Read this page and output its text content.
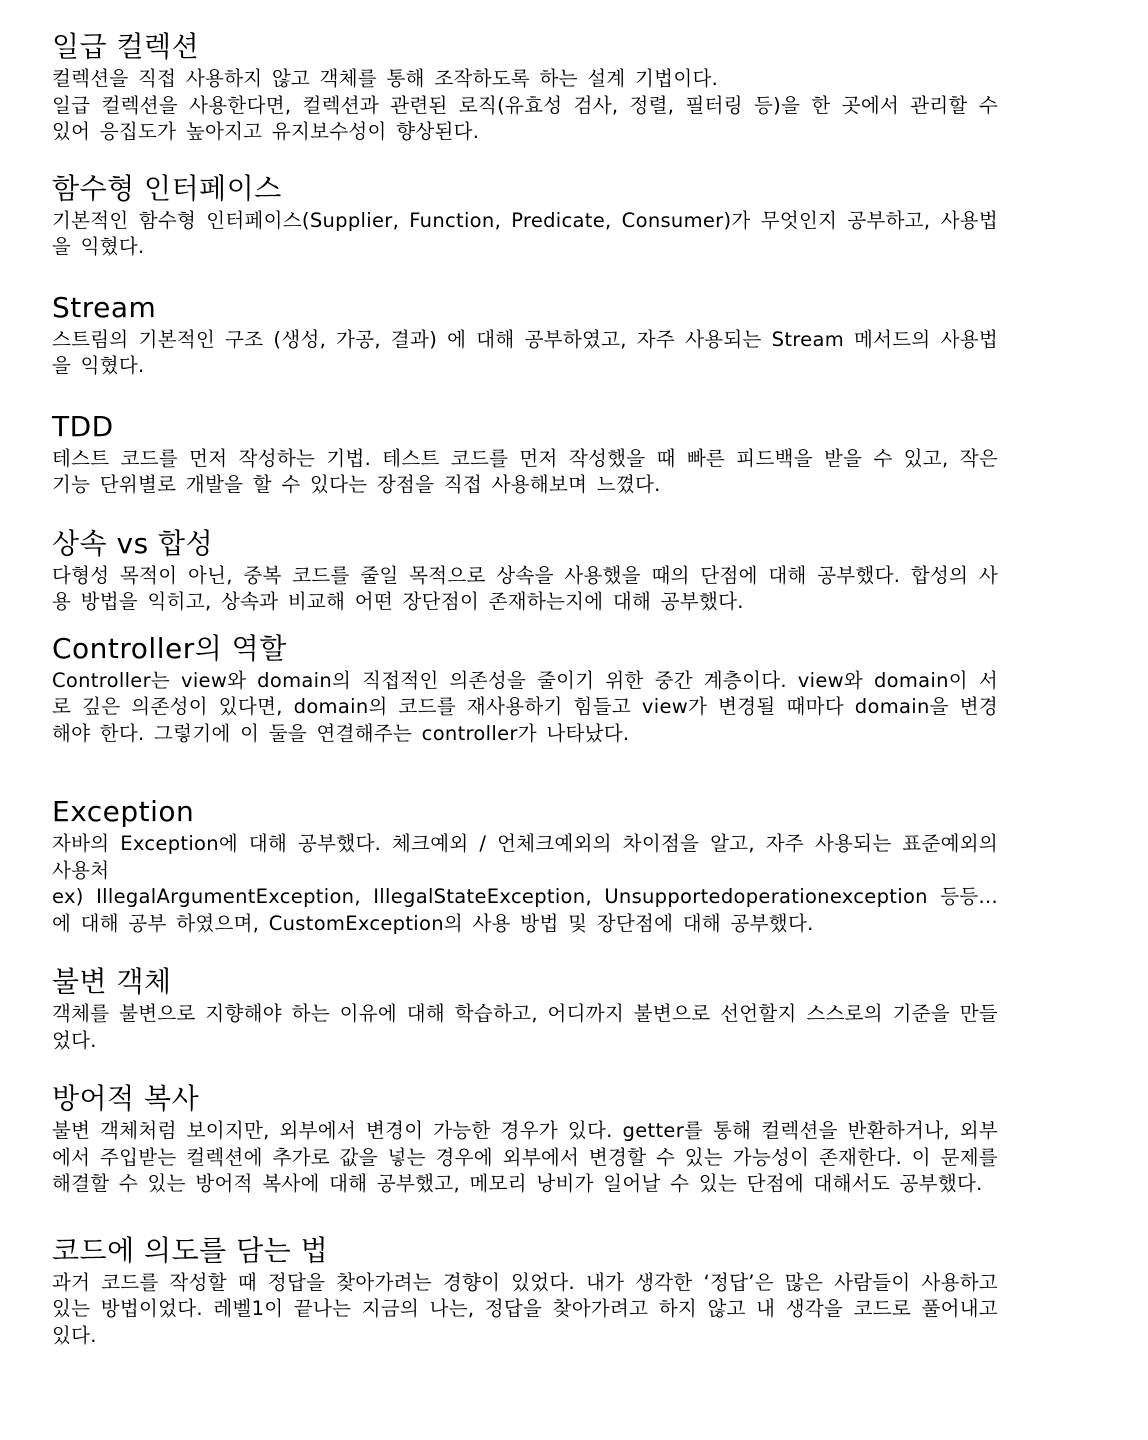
일급 컬렉션

컬렉션을 직접 사용하지 않고 객체를 통해 조작하도록 하는 설계 기법이다.
일급 컬렉션을 사용한다면, 컬렉션과 관련된 로직(유효성 검사, 정렬, 필터링 등)을 한 곳에서 관리할 수 있어 응집도가 높아지고 유지보수성이 향상된다.

함수형 인터페이스

기본적인 함수형 인터페이스(Supplier, Function, Predicate, Consumer)가 무엇인지 공부하고, 사용법을 익혔다.

Stream

스트림의 기본적인 구조 (생성, 가공, 결과) 에 대해 공부하였고, 자주 사용되는 Stream 메서드의 사용법을 익혔다.

TDD

테스트 코드를 먼저 작성하는 기법. 테스트 코드를 먼저 작성했을 때 빠른 피드백을 받을 수 있고, 작은 기능 단위별로 개발을 할 수 있다는 장점을 직접 사용해보며 느꼈다.

상속 vs 합성

다형성 목적이 아닌, 중복 코드를 줄일 목적으로 상속을 사용했을 때의 단점에 대해 공부했다. 합성의 사용 방법을 익히고, 상속과 비교해 어떤 장단점이 존재하는지에 대해 공부했다.

Controller의 역할

Controller는 view와 domain의 직접적인 의존성을 줄이기 위한 중간 계층이다. view와 domain이 서로 깊은 의존성이 있다면, domain의 코드를 재사용하기 힘들고 view가 변경될 때마다 domain을 변경해야 한다. 그렇기에 이 둘을 연결해주는 controller가 나타났다.

Exception

자바의 Exception에 대해 공부했다. 체크예외 / 언체크예외의 차이점을 알고, 자주 사용되는 표준예외의 사용처
ex) IllegalArgumentException, IllegalStateException, Unsupportedoperationexception 등등... 에 대해 공부 하였으며, CustomException의 사용 방법 및 장단점에 대해 공부했다.

불변 객체

객체를 불변으로 지향해야 하는 이유에 대해 학습하고, 어디까지 불변으로 선언할지 스스로의 기준을 만들었다.

방어적 복사

불변 객체처럼 보이지만, 외부에서 변경이 가능한 경우가 있다. getter를 통해 컬렉션을 반환하거나, 외부에서 주입받는 컬렉션에 추가로 값을 넣는 경우에 외부에서 변경할 수 있는 가능성이 존재한다. 이 문제를 해결할 수 있는 방어적 복사에 대해 공부했고, 메모리 낭비가 일어날 수 있는 단점에 대해서도 공부했다.

코드에 의도를 담는 법

과거 코드를 작성할 때 정답을 찾아가려는 경향이 있었다. 내가 생각한 ‘정답’은 많은 사람들이 사용하고 있는 방법이었다. 레벨1이 끝나는 지금의 나는, 정답을 찾아가려고 하지 않고 내 생각을 코드로 풀어내고 있다.
